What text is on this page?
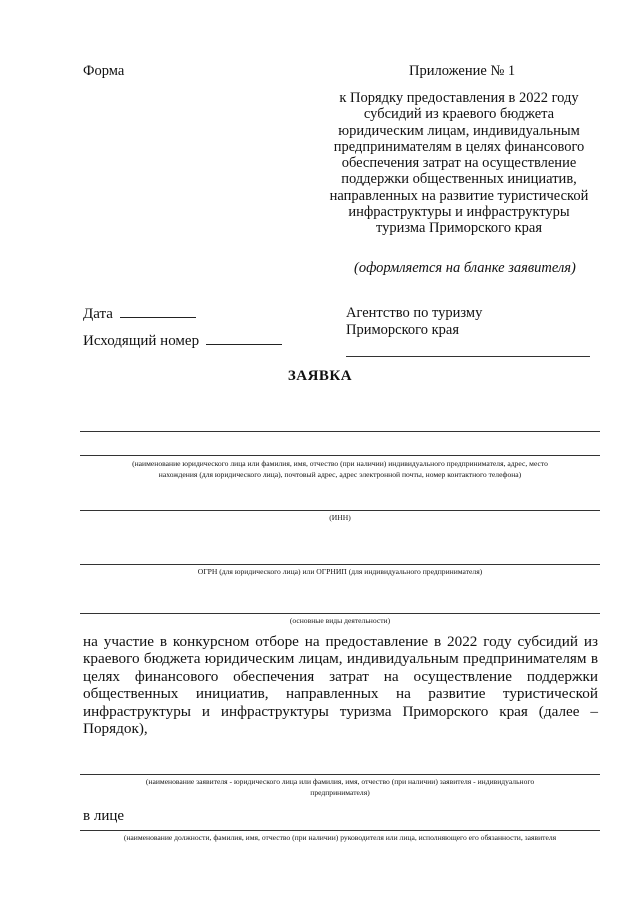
Форма	Приложение № 1
к Порядку предоставления в 2022 году
субсидий из краевого бюджета
юридическим лицам, индивидуальным
предпринимателям в целях финансового
обеспечения затрат на осуществление
поддержки общественных инициатив,
направленных на развитие туристической
инфраструктуры и инфраструктуры
туризма Приморского края
(оформляется на бланке заявителя)
Дата
Исходящий номер
Агентство по туризму
Приморского края
ЗАЯВКА
(наименование юридического лица или фамилия, имя, отчество (при наличии) индивидуального предпринимателя, адрес, место
нахождения (для юридического лица), почтовый адрес, адрес электронной почты, номер контактного телефона)
(ИНН)
ОГРН (для юридического лица) или ОГРНИП (для индивидуального предпринимателя)
(основные виды деятельности)
на участие в конкурсном отборе на предоставление в 2022 году субсидий из
краевого бюджета юридическим лицам, индивидуальным предпринимателям в
целях финансового обеспечения затрат на осуществление поддержки
общественных инициатив, направленных на развитие туристической
инфраструктуры и инфраструктуры туризма Приморского края (далее –
Порядок),
(наименование заявителя - юридического лица или фамилия, имя, отчество (при наличии) заявителя - индивидуального
предпринимателя)
в лице
(наименование должности, фамилия, имя, отчество (при наличии) руководителя или лица, исполняющего его обязанности, заявителя
